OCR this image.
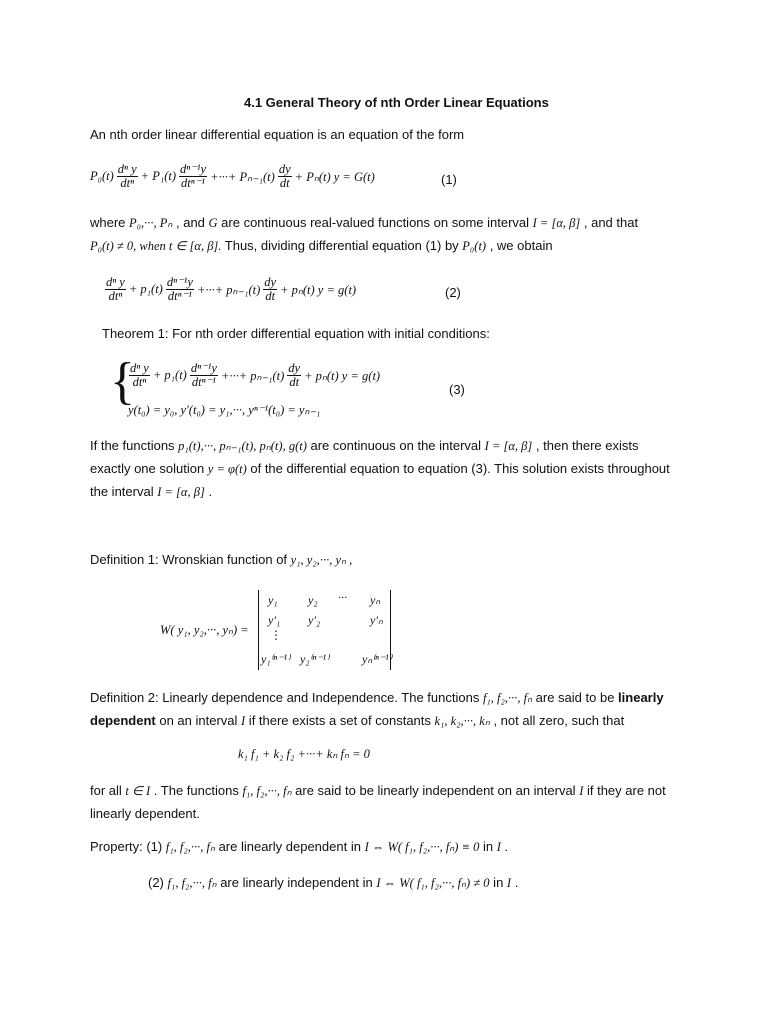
4.1 General Theory of nth Order Linear Equations
An nth order linear differential equation is an equation of the form
$P_0(t) \frac{\text{dⁿ y}}{\text{dtⁿ}} + P_1(t) \frac{\text{dⁿ⁻¹y}}{\text{dtⁿ⁻¹}}$ +···+ $P_{n-1}(t) \frac{dy}{dt} + P_n(t) y = G(t)$	(1)
where P₀,···, Pₙ , and G are continuous real-valued functions on some interval I = [α, β] , and that
P₀(t) ≠ 0, when t ∈ [α, β]. Thus, dividing differential equation (1) by P₀(t) , we obtain
$\frac{\text{dⁿ y}}{\text{dtⁿ}} + p_1(t) \frac{\text{dⁿ⁻¹y}}{\text{dtⁿ⁻¹}}$ +···+ $p_{n-1}(t) \frac{dy}{dt} + p_n(t) y = g(t)$	(2)
Theorem 1: For nth order differential equation with initial conditions:
{
$\frac{\text{dⁿ y}}{\text{dtⁿ}} + p_1(t) \frac{\text{dⁿ⁻¹y}}{\text{dtⁿ⁻¹}}$ +···+ $p_{n-1}(t) \frac{dy}{dt} + p_n(t) y = g(t)$
y(t₀) = y₀, y′(t₀) = y₁,···, yⁿ⁻¹(t₀) = yₙ₋₁
(3)
If the functions p₁(t),···, pₙ₋₁(t), pₙ(t), g(t) are continuous on the interval I = [α, β] , then there exists
exactly one solution y = φ(t) of the differential equation to equation (3). This solution exists throughout
the interval I = [α, β] .
Definition 1: Wronskian function of y₁, y₂,···, yₙ ,
W( y₁, y₂,···, yₙ) =
y₁	y₂ ··· yₙ
y′₁ y′₂	y′ₙ
⋮
y₁⁽ⁿ⁻¹⁾ y₂⁽ⁿ⁻¹⁾	yₙ⁽ⁿ⁻¹⁾
Definition 2: Linearly dependence and Independence. The functions f₁, f₂,···, fₙ are said to be linearly
dependent on an interval I if there exists a set of constants k₁, k₂,···, kₙ , not all zero, such that
k₁ f₁ + k₂ f₂ +···+ kₙ fₙ = 0
for all t ∈ I . The functions f₁, f₂,···, fₙ are said to be linearly independent on an interval I if they are not
linearly dependent.
Property: (1) f₁, f₂,···, fₙ are linearly dependent in I ⇔ W( f₁, f₂,···, fₙ) ≡ 0 in I .
(2) f₁, f₂,···, fₙ are linearly independent in I ⇔ W( f₁, f₂,···, fₙ) ≠ 0 in I .
